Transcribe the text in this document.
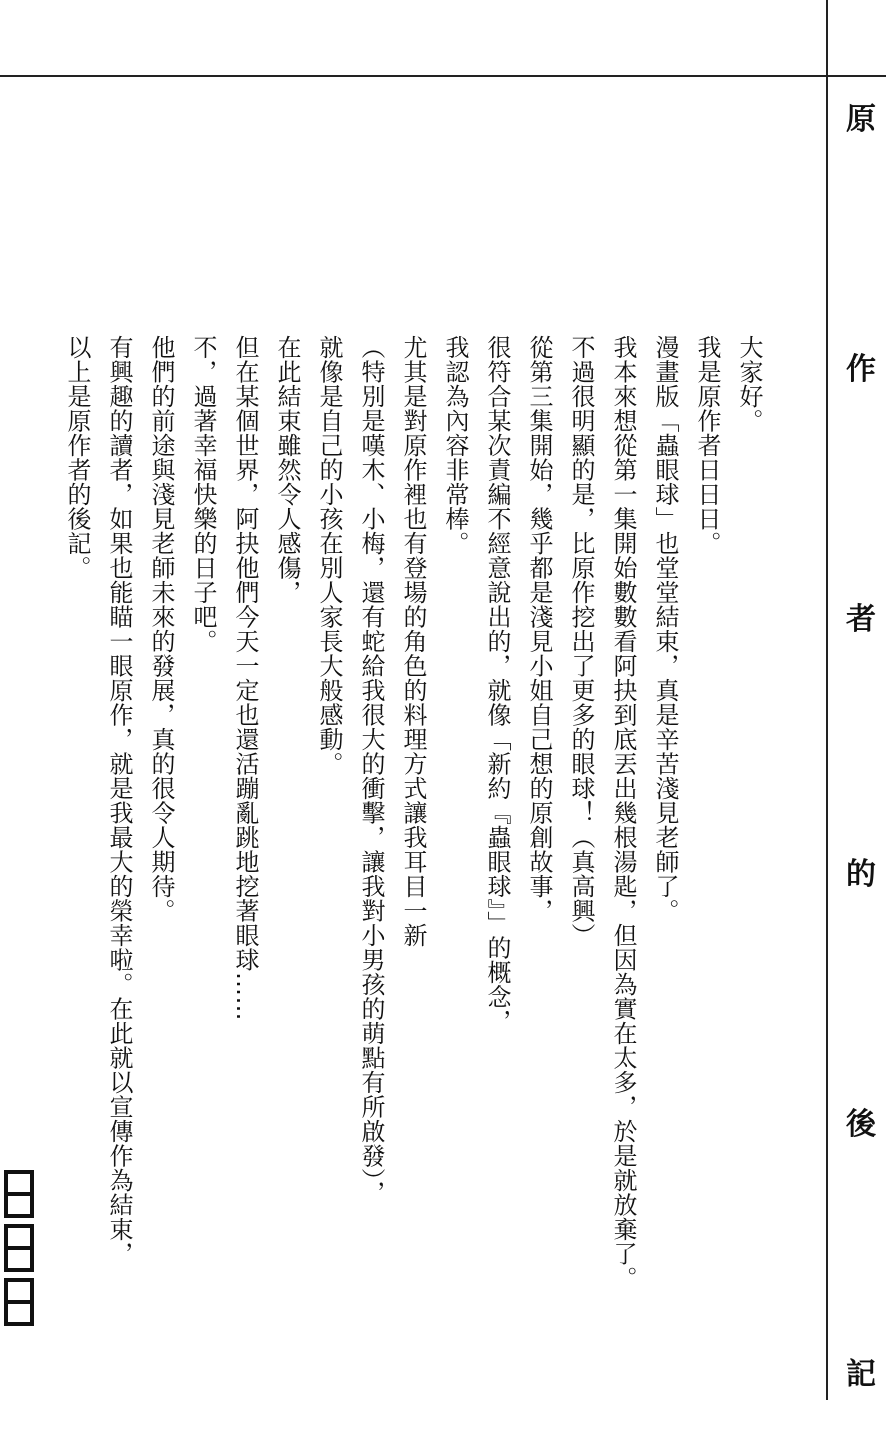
原
作
者
的
後
記

大家好。

我是原作者日日日。

漫畫版「蟲眼球」也堂堂結束，真是辛苦淺見老師了。

我本來想從第一集開始數數看阿抉到底丟出幾根湯匙，但因為實在太多，於是就放棄了。

不過很明顯的是，比原作挖出了更多的眼球！（真高興）

從第三集開始，幾乎都是淺見小姐自己想的原創故事，

很符合某次責編不經意說出的，就像「新約『蟲眼球』」的概念，

我認為內容非常棒。

尤其是對原作裡也有登場的角色的料理方式讓我耳目一新

（特別是嘆木、小梅，還有蛇給我很大的衝擊，讓我對小男孩的萌點有所啟發），

就像是自己的小孩在別人家長大般感動。

在此結束雖然令人感傷，

但在某個世界，阿抉他們今天一定也還活蹦亂跳地挖著眼球……

不，過著幸福快樂的日子吧。

他們的前途與淺見老師未來的發展，真的很令人期待。

有興趣的讀者，如果也能瞄一眼原作，就是我最大的榮幸啦。在此就以宣傳作為結束，

以上是原作者的後記。
